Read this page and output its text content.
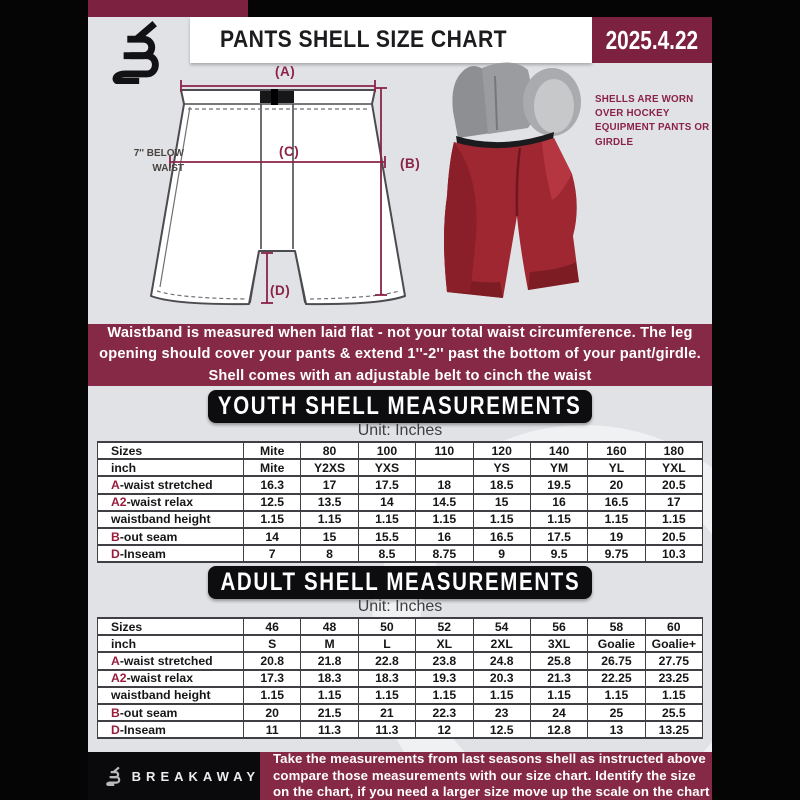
PANTS SHELL SIZE CHART	2025.4.22
(A)
(C)
(B)
(D)
7'' BELOW WAIST
SHELLS ARE WORN OVER HOCKEY EQUIPMENT PANTS OR GIRDLE
Waistband is measured when laid flat - not your total waist circumference. The leg opening should cover your pants & extend 1''-2'' past the bottom of your pant/girdle. Shell comes with an adjustable belt to cinch the waist
YOUTH SHELL MEASUREMENTS
Unit: Inches
Sizes	Mite	80	100	110	120	140	160	180
inch	Mite	Y2XS	YXS		YS	YM	YL	YXL
A-waist stretched	16.3	17	17.5	18	18.5	19.5	20	20.5
A2-waist relax	12.5	13.5	14	14.5	15	16	16.5	17
waistband height	1.15	1.15	1.15	1.15	1.15	1.15	1.15	1.15
B-out seam	14	15	15.5	16	16.5	17.5	19	20.5
D-Inseam	7	8	8.5	8.75	9	9.5	9.75	10.3
ADULT SHELL MEASUREMENTS
Unit: Inches
Sizes	46	48	50	52	54	56	58	60
inch	S	M	L	XL	2XL	3XL	Goalie	Goalie+
A-waist stretched	20.8	21.8	22.8	23.8	24.8	25.8	26.75	27.75
A2-waist relax	17.3	18.3	18.3	19.3	20.3	21.3	22.25	23.25
waistband height	1.15	1.15	1.15	1.15	1.15	1.15	1.15	1.15
B-out seam	20	21.5	21	22.3	23	24	25	25.5
D-Inseam	11	11.3	11.3	12	12.5	12.8	13	13.25
BREAKAWAY
Take the measurements from last seasons shell as instructed above compare those measurements with our size chart. Identify the size on the chart, if you need a larger size move up the scale on the chart
